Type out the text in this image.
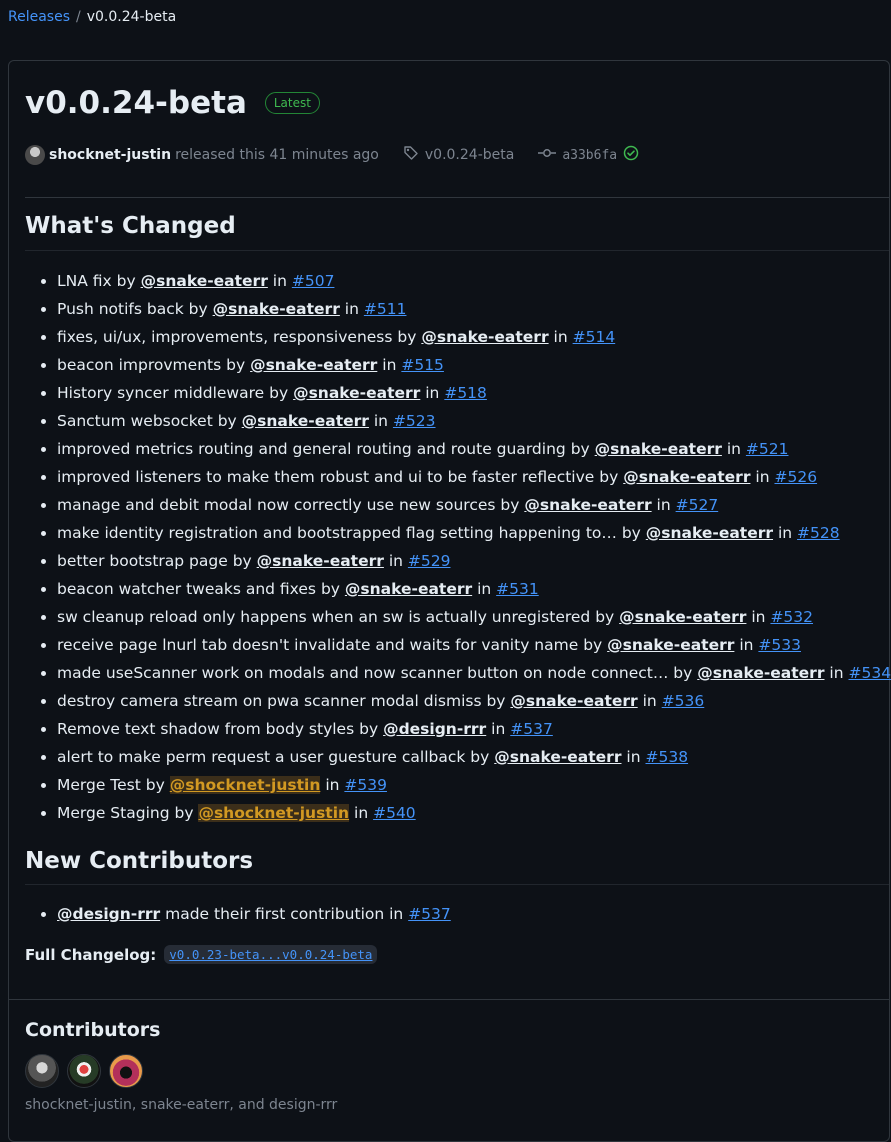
Releases / v0.0.24-beta
v0.0.24-beta	Latest
shocknet-justin released this 41 minutes ago	v0.0.24-beta	a33b6fa
What's Changed
• LNA fix by @snake-eaterr in #507
• Push notifs back by @snake-eaterr in #511
• fixes, ui/ux, improvements, responsiveness by @snake-eaterr in #514
• beacon improvments by @snake-eaterr in #515
• History syncer middleware by @snake-eaterr in #518
• Sanctum websocket by @snake-eaterr in #523
• improved metrics routing and general routing and route guarding by @snake-eaterr in #521
• improved listeners to make them robust and ui to be faster reflective by @snake-eaterr in #526
• manage and debit modal now correctly use new sources by @snake-eaterr in #527
• make identity registration and bootstrapped flag setting happening to… by @snake-eaterr in #528
• better bootstrap page by @snake-eaterr in #529
• beacon watcher tweaks and fixes by @snake-eaterr in #531
• sw cleanup reload only happens when an sw is actually unregistered by @snake-eaterr in #532
• receive page lnurl tab doesn't invalidate and waits for vanity name by @snake-eaterr in #533
• made useScanner work on modals and now scanner button on node connect… by @snake-eaterr in #534
• destroy camera stream on pwa scanner modal dismiss by @snake-eaterr in #536
• Remove text shadow from body styles by @design-rrr in #537
• alert to make perm request a user guesture callback by @snake-eaterr in #538
• Merge Test by @shocknet-justin in #539
• Merge Staging by @shocknet-justin in #540
New Contributors
• @design-rrr made their first contribution in #537
Full Changelog:	v0.0.23-beta...v0.0.24-beta
Contributors
shocknet-justin, snake-eaterr, and design-rrr
